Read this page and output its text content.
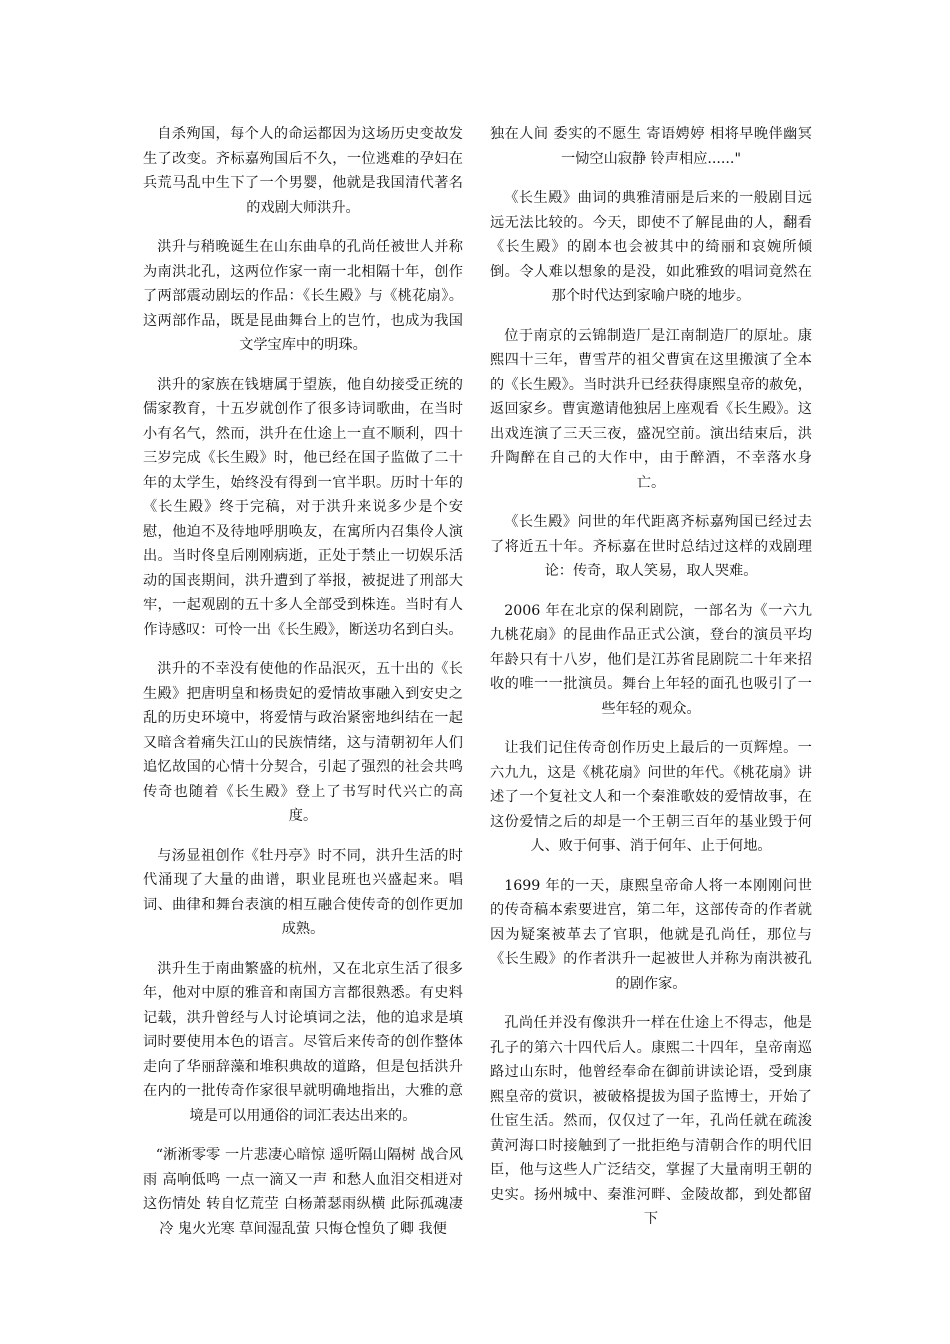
自杀殉国，每个人的命运都因为这场历史变故发生了改变。齐标嘉殉国后不久，一位逃难的孕妇在兵荒马乱中生下了一个男婴，他就是我国清代著名的戏剧大师洪升。

洪升与稍晚诞生在山东曲阜的孔尚任被世人并称为南洪北孔，这两位作家一南一北相隔十年，创作了两部震动剧坛的作品：《长生殿》与《桃花扇》。这两部作品，既是昆曲舞台上的岂竹，也成为我国文学宝库中的明珠。

洪升的家族在钱塘属于望族，他自幼接受正统的儒家教育，十五岁就创作了很多诗词歌曲，在当时小有名气，然而，洪升在仕途上一直不顺利，四十三岁完成《长生殿》时，他已经在国子监做了二十年的太学生，始终没有得到一官半职。历时十年的《长生殿》终于完稿，对于洪升来说多少是个安慰，他迫不及待地呼朋唤友，在寓所内召集伶人演出。当时佟皇后刚刚病逝，正处于禁止一切娱乐活动的国丧期间，洪升遭到了举报，被捉进了刑部大牢，一起观剧的五十多人全部受到株连。当时有人作诗感叹：可怜一出《长生殿》，断送功名到白头。

洪升的不幸没有使他的作品泯灭，五十出的《长生殿》把唐明皇和杨贵妃的爱情故事融入到安史之乱的历史环境中，将爱情与政治紧密地纠结在一起又暗含着痛失江山的民族情绪，这与清朝初年人们追忆故国的心情十分契合，引起了强烈的社会共鸣传奇也随着《长生殿》登上了书写时代兴亡的高度。

与汤显祖创作《牡丹亭》时不同，洪升生活的时代涌现了大量的曲谱，职业昆班也兴盛起来。唱词、曲律和舞台表演的相互融合使传奇的创作更加成熟。

洪升生于南曲繁盛的杭州，又在北京生活了很多年，他对中原的雅音和南国方言都很熟悉。有史料记载，洪升曾经与人讨论填词之法，他的追求是填词时要使用本色的语言。尽管后来传奇的创作整体走向了华丽辞藻和堆积典故的道路，但是包括洪升在内的一批传奇作家很早就明确地指出，大雅的意境是可以用通俗的词汇表达出来的。

“淅淅零零 一片悲凄心暗惊 遥听隔山隔树 战合风雨 高响低鸣 一点一滴又一声 和愁人血泪交相迸对这伤情处 转自忆荒茔 白杨萧瑟雨纵横 此际孤魂凄冷 鬼火光寒 草间湿乱萤 只悔仓惶负了卿 我便

独在人间 委实的不愿生 寄语娉婷 相将早晚伴幽冥一恸空山寂静 铃声相应......"

《长生殿》曲词的典雅清丽是后来的一般剧目远远无法比较的。今天，即使不了解昆曲的人，翻看《长生殿》的剧本也会被其中的绮丽和哀婉所倾倒。令人难以想象的是没，如此雅致的唱词竟然在那个时代达到家喻户晓的地步。

位于南京的云锦制造厂是江南制造厂的原址。康熙四十三年，曹雪芹的祖父曹寅在这里搬演了全本的《长生殿》。当时洪升已经获得康熙皇帝的赦免，返回家乡。曹寅邀请他独居上座观看《长生殿》。这出戏连演了三天三夜，盛况空前。演出结束后，洪升陶醉在自己的大作中，由于醉酒，不幸落水身亡。

《长生殿》问世的年代距离齐标嘉殉国已经过去了将近五十年。齐标嘉在世时总结过这样的戏剧理论：传奇，取人笑易，取人哭难。

2006 年在北京的保利剧院，一部名为《一六九九桃花扇》的昆曲作品正式公演，登台的演员平均年龄只有十八岁，他们是江苏省昆剧院二十年来招收的唯一一批演员。舞台上年轻的面孔也吸引了一些年轻的观众。

让我们记住传奇创作历史上最后的一页辉煌。一六九九，这是《桃花扇》问世的年代。《桃花扇》讲述了一个复社文人和一个秦淮歌妓的爱情故事，在这份爱情之后的却是一个王朝三百年的基业毁于何人、败于何事、消于何年、止于何地。

1699 年的一天，康熙皇帝命人将一本刚刚问世的传奇稿本索要进宫，第二年，这部传奇的作者就因为疑案被革去了官职，他就是孔尚任，那位与《长生殿》的作者洪升一起被世人并称为南洪被孔的剧作家。

孔尚任并没有像洪升一样在仕途上不得志，他是孔子的第六十四代后人。康熙二十四年，皇帝南巡路过山东时，他曾经奉命在御前讲读论语，受到康熙皇帝的赏识，被破格提拔为国子监博士，开始了仕宦生活。然而，仅仅过了一年，孔尚任就在疏浚黄河海口时接触到了一批拒绝与清朝合作的明代旧臣，他与这些人广泛结交，掌握了大量南明王朝的史实。扬州城中、秦淮河畔、金陵故都，到处都留下
